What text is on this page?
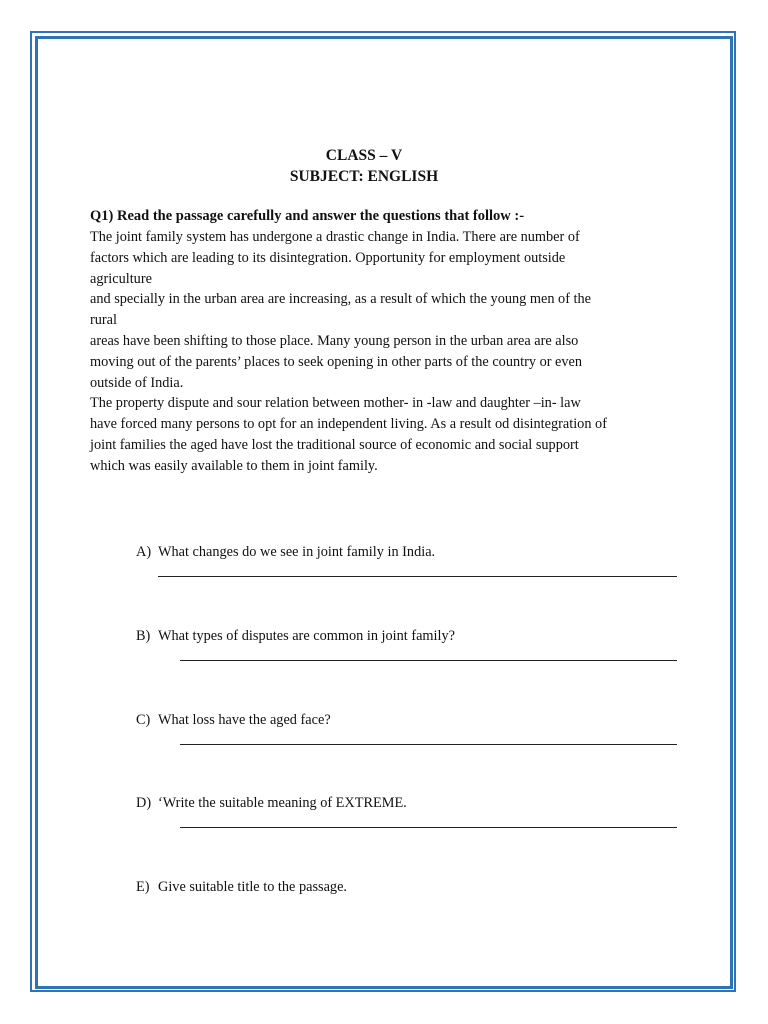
CLASS – V
SUBJECT: ENGLISH
Q1) Read the passage carefully and answer the questions that follow :-
The joint family system has undergone a drastic change in India. There are number of
factors which are leading to its disintegration. Opportunity for employment outside
agriculture
and specially in the urban area are increasing, as a result of which the young men of the
rural
areas have been shifting to those place. Many young person in the urban area are also
moving out of the parents’ places to seek opening in other parts of the country or even
outside of India.
The property dispute and sour relation between mother- in -law and daughter –in- law
have forced many persons to opt for an independent living. As a result od disintegration of
joint families the aged have lost the traditional source of economic and social support
which was easily available to them in joint family.
A) What changes do we see in joint family in India.
B) What types of disputes are common in joint family?
C) What loss have the aged face?
D) ‘Write the suitable meaning of EXTREME.
E) Give suitable title to the passage.
